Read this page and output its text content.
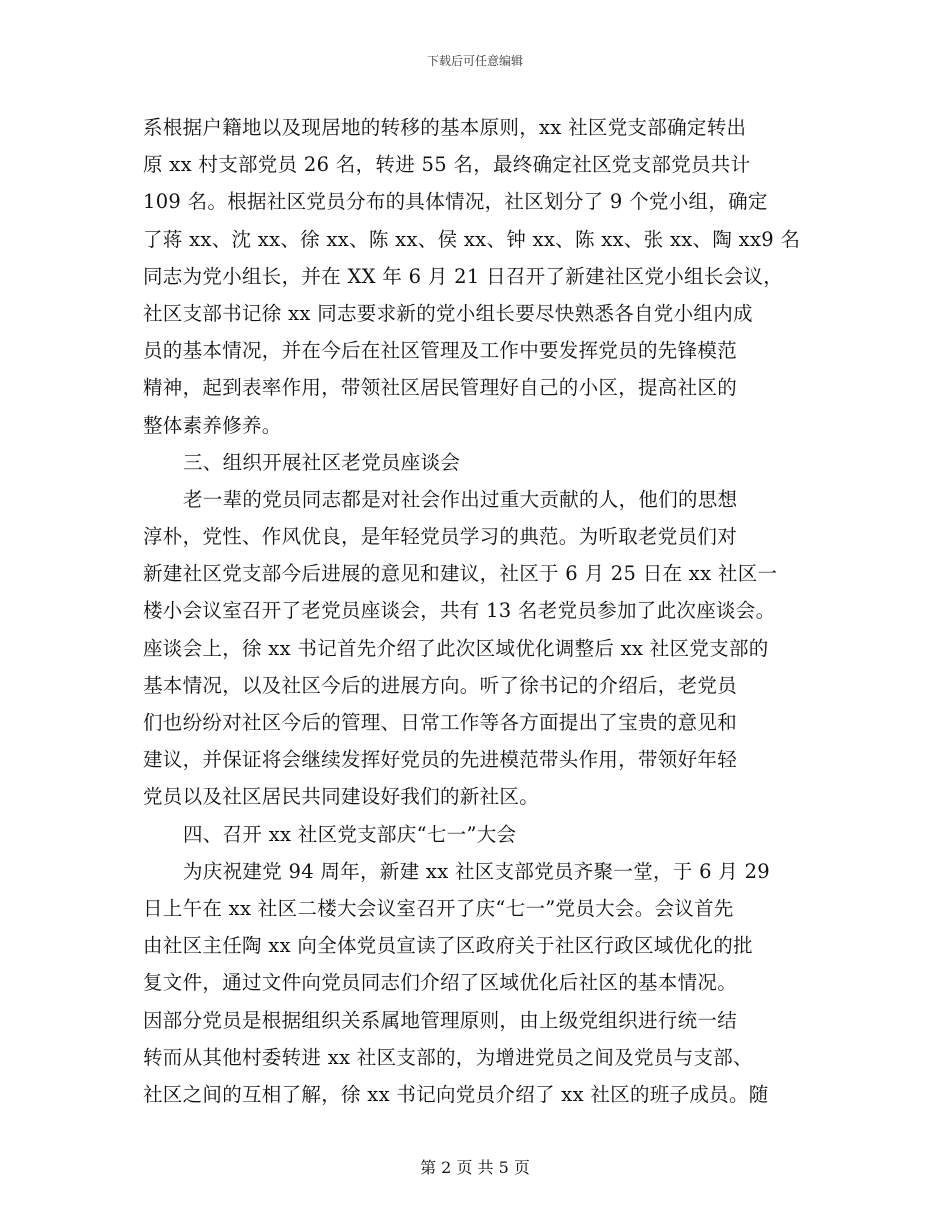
下载后可任意编辑
系根据户籍地以及现居地的转移的基本原则，xx 社区党支部确定转出
原 xx 村支部党员 26 名，转进 55 名，最终确定社区党支部党员共计
109 名。根据社区党员分布的具体情况，社区划分了 9 个党小组，确定
了蒋 xx、沈 xx、徐 xx、陈 xx、侯 xx、钟 xx、陈 xx、张 xx、陶 xx9 名
同志为党小组长，并在 XX 年 6 月 21 日召开了新建社区党小组长会议，
社区支部书记徐 xx 同志要求新的党小组长要尽快熟悉各自党小组内成
员的基本情况，并在今后在社区管理及工作中要发挥党员的先锋模范
精神，起到表率作用，带领社区居民管理好自己的小区，提高社区的
整体素养修养。
三、组织开展社区老党员座谈会
老一辈的党员同志都是对社会作出过重大贡献的人，他们的思想
淳朴，党性、作风优良，是年轻党员学习的典范。为听取老党员们对
新建社区党支部今后进展的意见和建议，社区于 6 月 25 日在 xx 社区一
楼小会议室召开了老党员座谈会，共有 13 名老党员参加了此次座谈会。
座谈会上，徐 xx 书记首先介绍了此次区域优化调整后 xx 社区党支部的
基本情况，以及社区今后的进展方向。听了徐书记的介绍后，老党员
们也纷纷对社区今后的管理、日常工作等各方面提出了宝贵的意见和
建议，并保证将会继续发挥好党员的先进模范带头作用，带领好年轻
党员以及社区居民共同建设好我们的新社区。
四、召开 xx 社区党支部庆“七一”大会
为庆祝建党 94 周年，新建 xx 社区支部党员齐聚一堂，于 6 月 29
日上午在 xx 社区二楼大会议室召开了庆“七一”党员大会。会议首先
由社区主任陶 xx 向全体党员宣读了区政府关于社区行政区域优化的批
复文件，通过文件向党员同志们介绍了区域优化后社区的基本情况。
因部分党员是根据组织关系属地管理原则，由上级党组织进行统一结
转而从其他村委转进 xx 社区支部的，为增进党员之间及党员与支部、
社区之间的互相了解，徐 xx 书记向党员介绍了 xx 社区的班子成员。随
第 2 页 共 5 页
